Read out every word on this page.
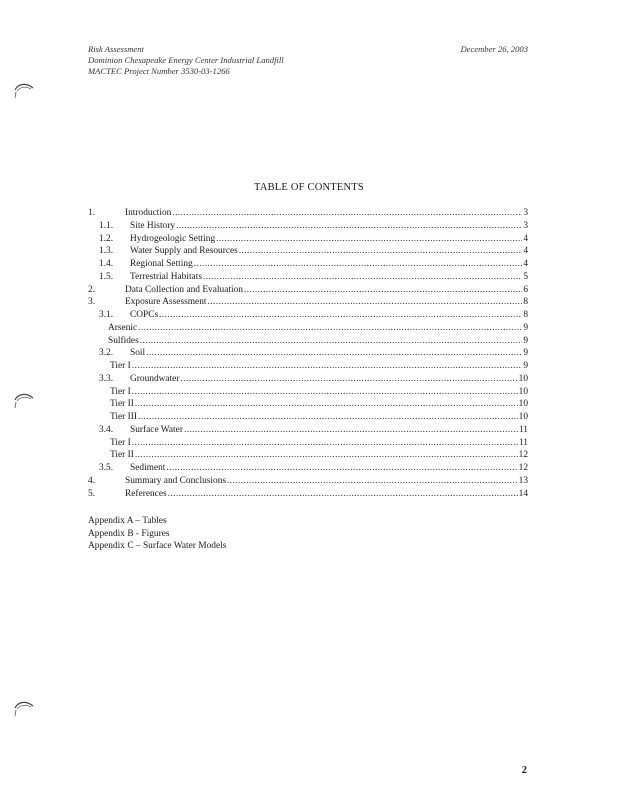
Risk Assessment
Dominion Chesapeake Energy Center Industrial Landfill
MACTEC Project Number 3530-03-1266
December 26, 2003
TABLE OF CONTENTS
1.	Introduction .....	3
1.1. Site History .....	3
1.2. Hydrogeologic Setting .....	4
1.3. Water Supply and Resources .....	4
1.4. Regional Setting .....	4
1.5. Terrestrial Habitats .....	5
2.	Data Collection and Evaluation .....	6
3.	Exposure Assessment .....	8
3.1. COPCs .....	8
Arsenic .....	9
Sulfides .....	9
3.2. Soil .....	9
Tier I .....	9
3.3. Groundwater .....	10
Tier I .....	10
Tier II .....	10
Tier III .....	10
3.4. Surface Water .....	11
Tier I .....	11
Tier II .....	12
3.5. Sediment .....	12
4.	Summary and Conclusions .....	13
5.	References .....	14
Appendix A – Tables
Appendix B - Figures
Appendix C – Surface Water Models
2
